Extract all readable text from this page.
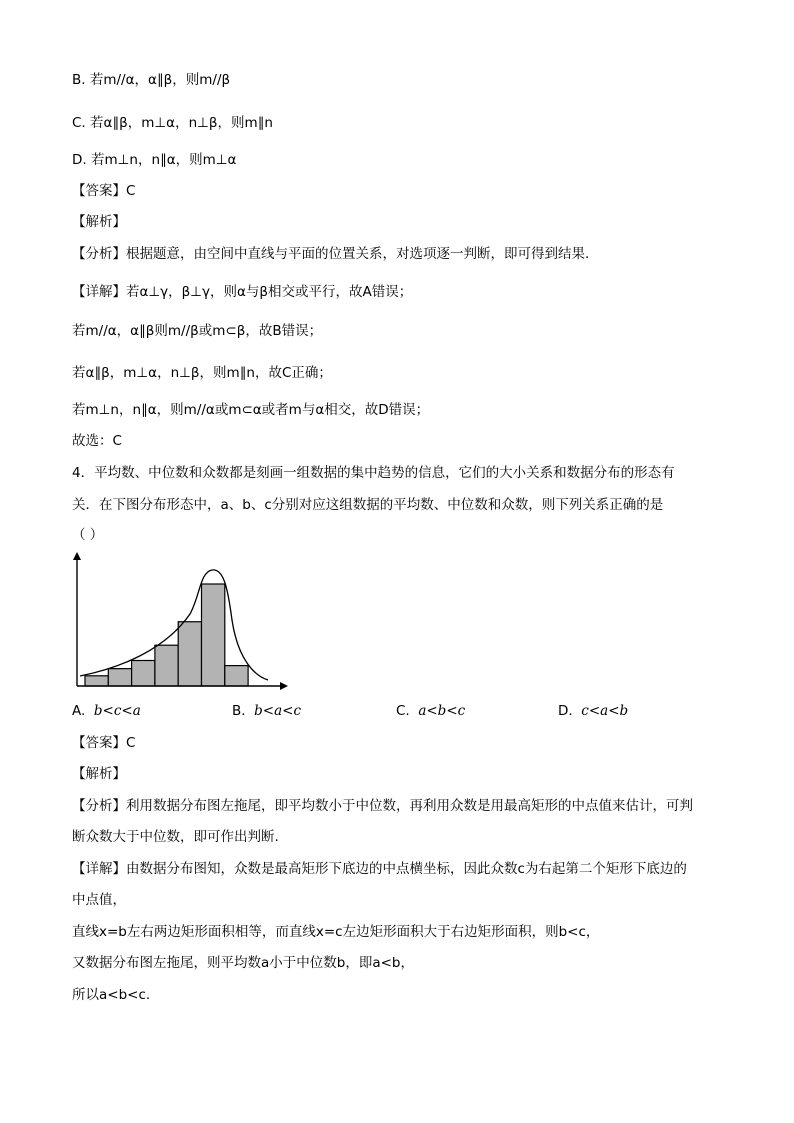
B. 若m//α，α∥β，则m//β
C. 若α∥β，m⊥α，n⊥β，则m∥n
D. 若m⊥n，n∥α，则m⊥α
【答案】C
【解析】
【分析】根据题意，由空间中直线与平面的位置关系，对选项逐一判断，即可得到结果.
【详解】若α⊥γ，β⊥γ，则α与β相交或平行，故A错误；
若m//α，α∥β则m//β或m⊂β，故B错误；
若α∥β，m⊥α，n⊥β，则m∥n，故C正确；
若m⊥n，n∥α，则m//α或m⊂α或者m与α相交，故D错误；
故选：C
4．平均数、中位数和众数都是刻画一组数据的集中趋势的信息，它们的大小关系和数据分布的形态有
关．在下图分布形态中，a、b、c分别对应这组数据的平均数、中位数和众数，则下列关系正确的是
（ ）
A. b<c<a	B. b<a<c	C. a<b<c	D. c<a<b
【答案】C
【解析】
【分析】利用数据分布图左拖尾，即平均数小于中位数，再利用众数是用最高矩形的中点值来估计，可判
断众数大于中位数，即可作出判断.
【详解】由数据分布图知，众数是最高矩形下底边的中点横坐标，因此众数c为右起第二个矩形下底边的
中点值，
直线x=b左右两边矩形面积相等，而直线x=c左边矩形面积大于右边矩形面积，则b<c，
又数据分布图左拖尾，则平均数a小于中位数b，即a<b，
所以a<b<c.
